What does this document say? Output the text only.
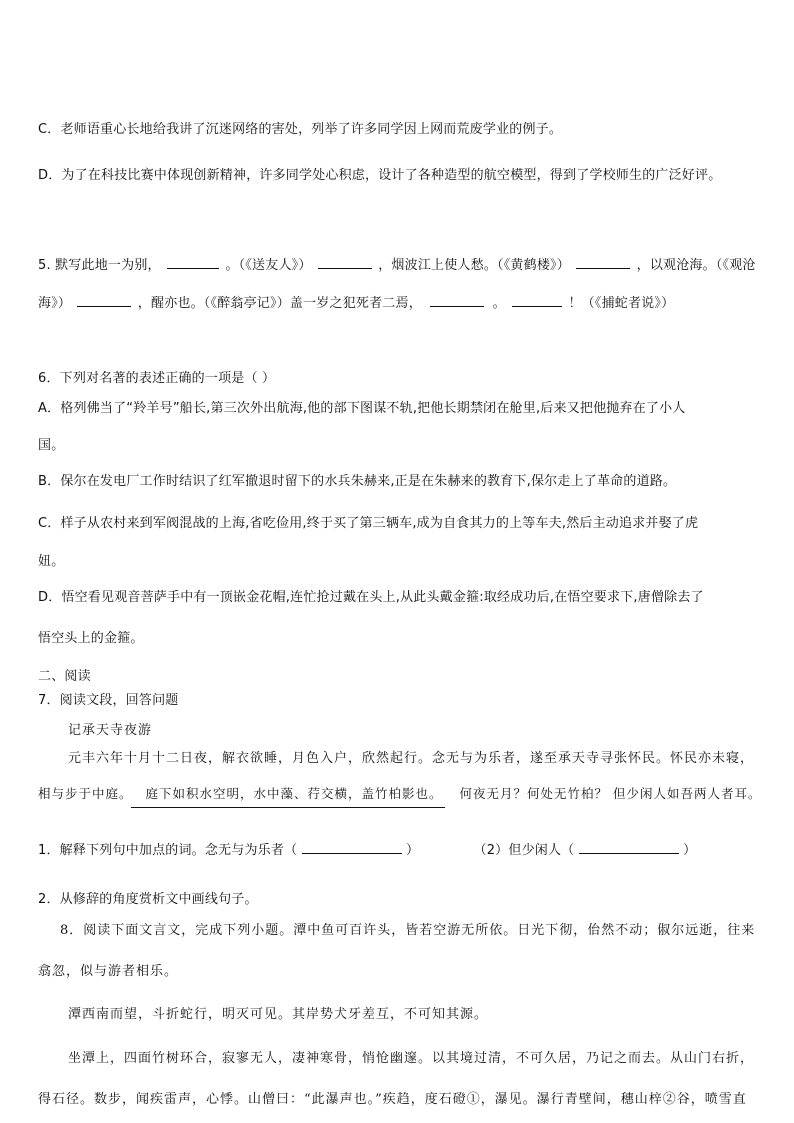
C．老师语重心长地给我讲了沉迷网络的害处，列举了许多同学因上网而荒废学业的例子。
D．为了在科技比赛中体现创新精神，许多同学处心积虑，设计了各种造型的航空模型，得到了学校师生的广泛好评。
5. 默写此地一为别，	。（《送友人》）	，烟波江上使人愁。（《黄鹤楼》）	，以观沧海。（《观沧
海》）	，醒亦也。（《醉翁亭记》）盖一岁之犯死者二焉，	。	！（《捕蛇者说》）
6．下列对名著的表述正确的一项是（ ）
A．格列佛当了“羚羊号”船长,第三次外出航海,他的部下图谋不轨,把他长期禁闭在舱里,后来又把他抛弃在了小人
国。
B．保尔在发电厂工作时结识了红军撤退时留下的水兵朱赫来,正是在朱赫来的教育下,保尔走上了革命的道路。
C．样子从农村来到军阀混战的上海,省吃俭用,终于买了第三辆车,成为自食其力的上等车夫,然后主动追求并娶了虎
妞。
D．悟空看见观音菩萨手中有一顶嵌金花帽,连忙抢过戴在头上,从此头戴金箍:取经成功后,在悟空要求下,唐僧除去了
悟空头上的金箍。
二、阅读
7．阅读文段，回答问题
记承天寺夜游
元丰六年十月十二日夜，解衣欲睡，月色入户，欣然起行。念无与为乐者，遂至承天寺寻张怀民。怀民亦未寝，
相与步于中庭。 庭下如积水空明，水中藻、荇交横，盖竹柏影也。 何夜无月？何处无竹柏？ 但少闲人如吾两人者耳。
1．解释下列句中加点的词。念无与为乐者（	）	（2）但少闲人（	）
2．从修辞的角度赏析文中画线句子。
8．阅读下面文言文，完成下列小题。潭中鱼可百许头，皆若空游无所依。日光下彻，佁然不动；俶尔远逝，往来
翕忽，似与游者相乐。
潭西南而望，斗折蛇行，明灭可见。其岸势犬牙差互，不可知其源。
坐潭上，四面竹树环合，寂寥无人，凄神寒骨，悄怆幽邃。以其境过清，不可久居，乃记之而去。从山门右折，
得石径。数步，闻疾雷声，心悸。山僧曰：“此瀑声也。”疾趋，度石磴①，瀑见。瀑行青壁间，穗山梓②谷，喷雪直
